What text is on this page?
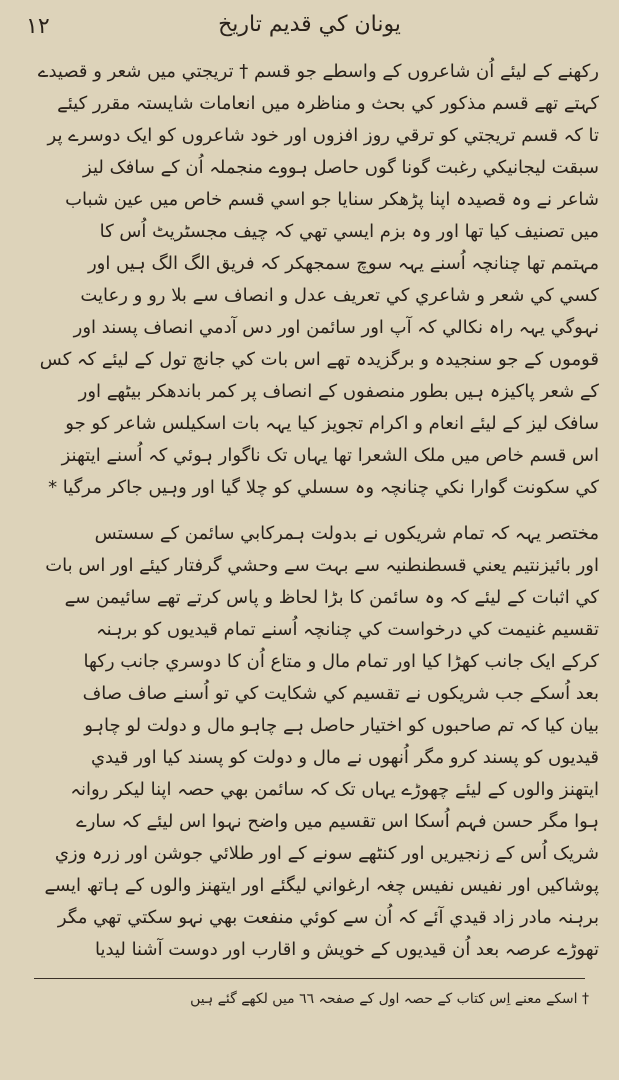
١٢	یونان کي قدیم تاریخ
رکھنے کے لیئے اُن شاعروں کے واسطے جو قسم † تریجتي میں شعر و قصیدے
کہتے تھے قسم مذکور کي بحث و مناظرہ میں انعامات شایستہ مقرر کیئے
تا کہ قسم تریجتي کو ترقي روز افزوں اور خود شاعروں کو ایک دوسرے پر
سبقت لیجانیکي رغبت گونا گوں حاصل ہووے منجملہ اُن کے سافک لیز
شاعر نے وہ قصیدہ اپنا پڑھکر سنایا جو اسي قسم خاص میں عین شباب
میں تصنیف کیا تھا اور وہ بزم ایسي تھي کہ چیف مجسٹریٹ اُس کا
مہتمم تھا چنانچہ اُسنے یہہ سوچ سمجھکر کہ فریق الگ الگ ہیں اور
کسي کي شعر و شاعري کي تعریف عدل و انصاف سے بلا رو و رعایت
نہوگي یہہ راہ نکالي کہ آپ اور سائمن اور دس آدمي انصاف پسند اور
قوموں کے جو سنجیدہ و برگزیدہ تھے اس بات کي جانچ تول کے لیئے کہ کس
کے شعر پاکیزہ ہیں بطور منصفوں کے انصاف پر کمر باندھکر بیٹھے اور
سافک لیز کے لیئے انعام و اکرام تجویز کیا یہہ بات اسکیلس شاعر کو جو
اس قسم خاص میں ملک الشعرا تھا یہاں تک ناگوار ہوئي کہ اُسنے ایتھنز
کي سکونت گوارا نکي چنانچہ وہ سسلي کو چلا گیا اور وہیں جاکر مرگیا *
مختصر یہہ کہ تمام شریکوں نے بدولت ہمرکابي سائمن کے سستس
اور بائیزنتیم یعني قسطنطنیہ سے بہت سے وحشي گرفتار کیئے اور اس بات
کي اثبات کے لیئے کہ وہ سائمن کا بڑا لحاظ و پاس کرتے تھے سائیمن سے
تقسیم غنیمت کي درخواست کي چنانچہ اُسنے تمام قیدیوں کو برہنہ
کرکے ایک جانب کھڑا کیا اور تمام مال و متاع اُن کا دوسري جانب رکھا
بعد اُسکے جب شریکوں نے تقسیم کي شکایت کي تو اُسنے صاف صاف
بیان کیا کہ تم صاحبوں کو اختیار حاصل ہے چاہو مال و دولت لو چاہو
قیدیوں کو پسند کرو مگر اُنھوں نے مال و دولت کو پسند کیا اور قیدي
ایتھنز والوں کے لیئے چھوڑے یہاں تک کہ سائمن بھي حصہ اپنا لیکر روانہ
ہوا مگر حسن فہم اُسکا اس تقسیم میں واضح نہوا اس لیئے کہ سارے
شریک اُس کے زنجیریں اور کنٹھے سونے کے اور طلائي جوشن اور زرہ وزي
پوشاکیں اور نفیس نفیس چغہ ارغواني لیگئے اور ایتھنز والوں کے ہاتھ ایسے
برہنہ مادر زاد قیدي آئے کہ اُن سے کوئي منفعت بھي نہو سکتي تھي مگر
تھوڑے عرصہ بعد اُن قیدیوں کے خویش و اقارب اور دوست آشنا لیدیا
† اسکے معنے اِس کتاب کے حصہ اول کے صفحہ ٦٦ میں لکھے گئے ہیں
